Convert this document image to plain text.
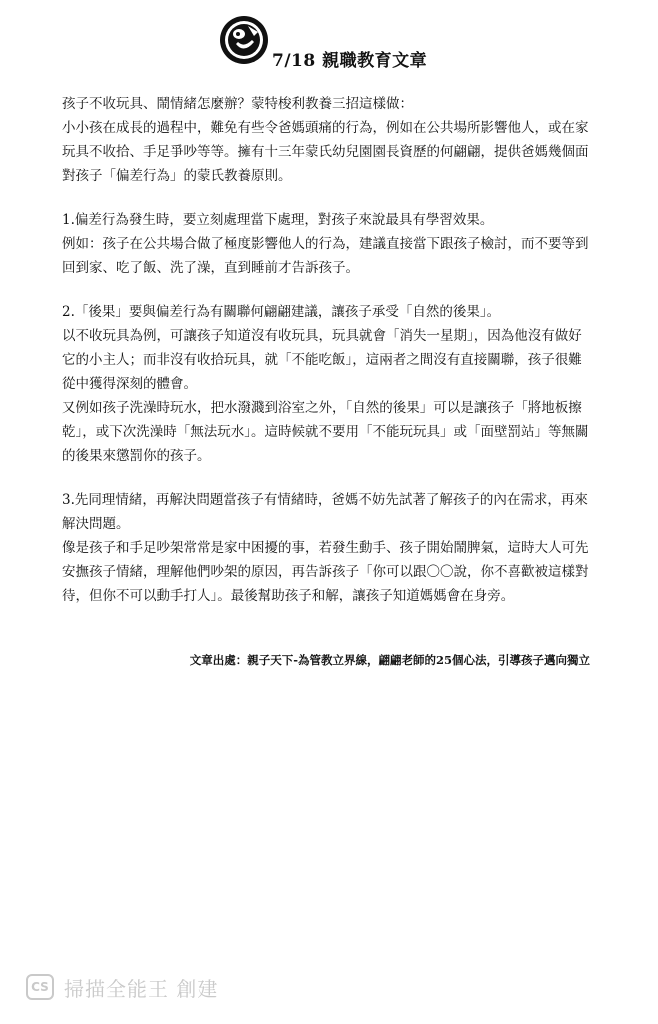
7/18 親職教育文章

孩子不收玩具、鬧情緒怎麼辦？蒙特梭利教養三招這樣做：

小小孩在成長的過程中，難免有些令爸媽頭痛的行為，例如在公共場所影響他人，或在家玩具不收拾、手足爭吵等等。擁有十三年蒙氏幼兒園園長資歷的何翩翩，提供爸媽幾個面對孩子「偏差行為」的蒙氏教養原則。

1.偏差行為發生時，要立刻處理當下處理，對孩子來說最具有學習效果。

例如：孩子在公共場合做了極度影響他人的行為，建議直接當下跟孩子檢討，而不要等到回到家、吃了飯、洗了澡，直到睡前才告訴孩子。

2.「後果」要與偏差行為有關聯何翩翩建議，讓孩子承受「自然的後果」。

以不收玩具為例，可讓孩子知道沒有收玩具，玩具就會「消失一星期」，因為他沒有做好它的小主人；而非沒有收拾玩具，就「不能吃飯」，這兩者之間沒有直接關聯，孩子很難從中獲得深刻的體會。

又例如孩子洗澡時玩水，把水潑濺到浴室之外，「自然的後果」可以是讓孩子「將地板擦乾」，或下次洗澡時「無法玩水」。這時候就不要用「不能玩玩具」或「面壁罰站」等無關的後果來懲罰你的孩子。

3.先同理情緒，再解決問題當孩子有情緒時，爸媽不妨先試著了解孩子的內在需求，再來解決問題。

像是孩子和手足吵架常常是家中困擾的事，若發生動手、孩子開始鬧脾氣，這時大人可先安撫孩子情緒，理解他們吵架的原因，再告訴孩子「你可以跟〇〇說，你不喜歡被這樣對待，但你不可以動手打人」。最後幫助孩子和解，讓孩子知道媽媽會在身旁。

文章出處：親子天下-為管教立界線，翩翩老師的25個心法，引導孩子邁向獨立
CS 掃描全能王 創建
